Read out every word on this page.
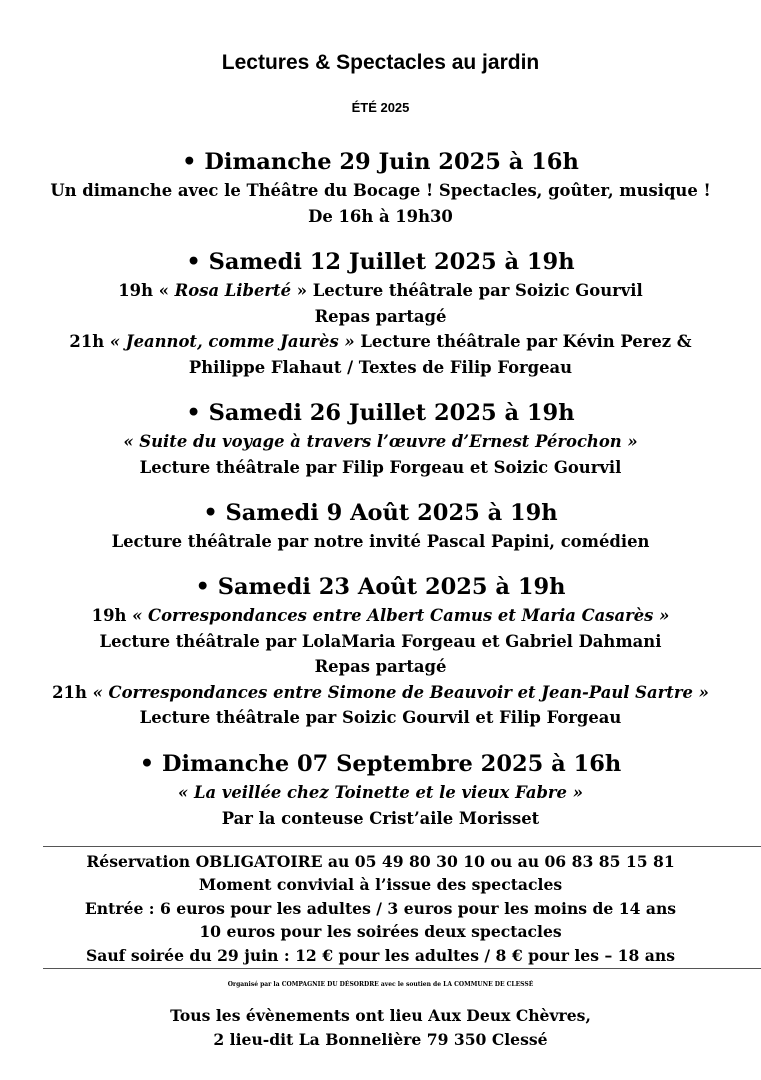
Lectures & Spectacles au jardin
ÉTÉ 2025
• Dimanche 29 Juin 2025 à 16h
Un dimanche avec le Théâtre du Bocage ! Spectacles, goûter, musique !
De 16h à 19h30
• Samedi 12 Juillet 2025 à 19h
19h « Rosa Liberté » Lecture théâtrale par Soizic Gourvil
Repas partagé
21h « Jeannot, comme Jaurès » Lecture théâtrale par Kévin Perez &
Philippe Flahaut / Textes de Filip Forgeau
• Samedi 26 Juillet 2025 à 19h
« Suite du voyage à travers l’œuvre d’Ernest Pérochon »
Lecture théâtrale par Filip Forgeau et Soizic Gourvil
• Samedi 9 Août 2025 à 19h
Lecture théâtrale par notre invité Pascal Papini, comédien
• Samedi 23 Août 2025 à 19h
19h « Correspondances entre Albert Camus et Maria Casarès »
Lecture théâtrale par LolaMaria Forgeau et Gabriel Dahmani
Repas partagé
21h « Correspondances entre Simone de Beauvoir et Jean-Paul Sartre »
Lecture théâtrale par Soizic Gourvil et Filip Forgeau
• Dimanche 07 Septembre 2025 à 16h
« La veillée chez Toinette et le vieux Fabre »
Par la conteuse Crist’aile Morisset
Réservation OBLIGATOIRE au 05 49 80 30 10 ou au 06 83 85 15 81
Moment convivial à l’issue des spectacles
Entrée : 6 euros pour les adultes / 3 euros pour les moins de 14 ans
10 euros pour les soirées deux spectacles
Sauf soirée du 29 juin : 12 € pour les adultes / 8 € pour les – 18 ans
Organisé par la COMPAGNIE DU DÉSORDRE avec le soutien de LA COMMUNE DE CLESSÉ
Tous les évènements ont lieu Aux Deux Chèvres,
2 lieu-dit La Bonnelière 79 350 Clessé
